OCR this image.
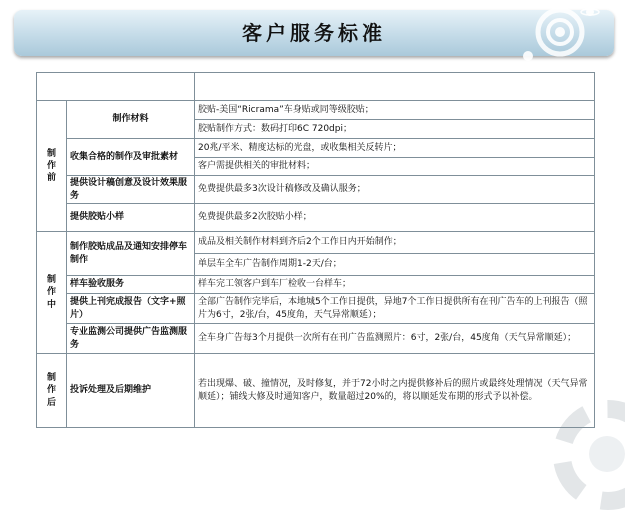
客户服务标准

制
作
前	制作材料	胶贴-美国“Ricrama”车身贴或同等级胶贴；
		胶贴制作方式：数码打印6C 720dpi；
	收集合格的制作及审批素材	20兆/平米、精度达标的光盘，或收集相关反转片；
		客户需提供相关的审批材料；
	提供设计稿创意及设计效果服务	免费提供最多3次设计稿修改及确认服务；
	提供胶贴小样	免费提供最多2次胶贴小样；
制
作
中	制作胶贴成品及通知安排停车制作	成品及相关制作材料到齐后2个工作日内开始制作；
		单层车全车广告制作周期1-2天/台；
	样车验收服务	样车完工领客户到车厂检收一台样车；
	提供上刊完成报告（文字+照片）	全部广告制作完毕后，本地城5个工作日提供，异地7个工作日提供所有在刊广告车的上刊报告（照片为6寸，2张/台，45度角，天气异常顺延）；
	专业监测公司提供广告监测服务	全车身广告每3个月提供一次所有在刊广告监测照片：6寸，2张/台，45度角（天气异常顺延）；
制
作
后	投诉处理及后期维护	若出现爆、破、撞情况，及时修复，并于72小时之内提供修补后的照片或最终处理情况（天气异常顺延）；铺线大修及时通知客户，数量超过20%的，将以顺延发布期的形式予以补偿。
